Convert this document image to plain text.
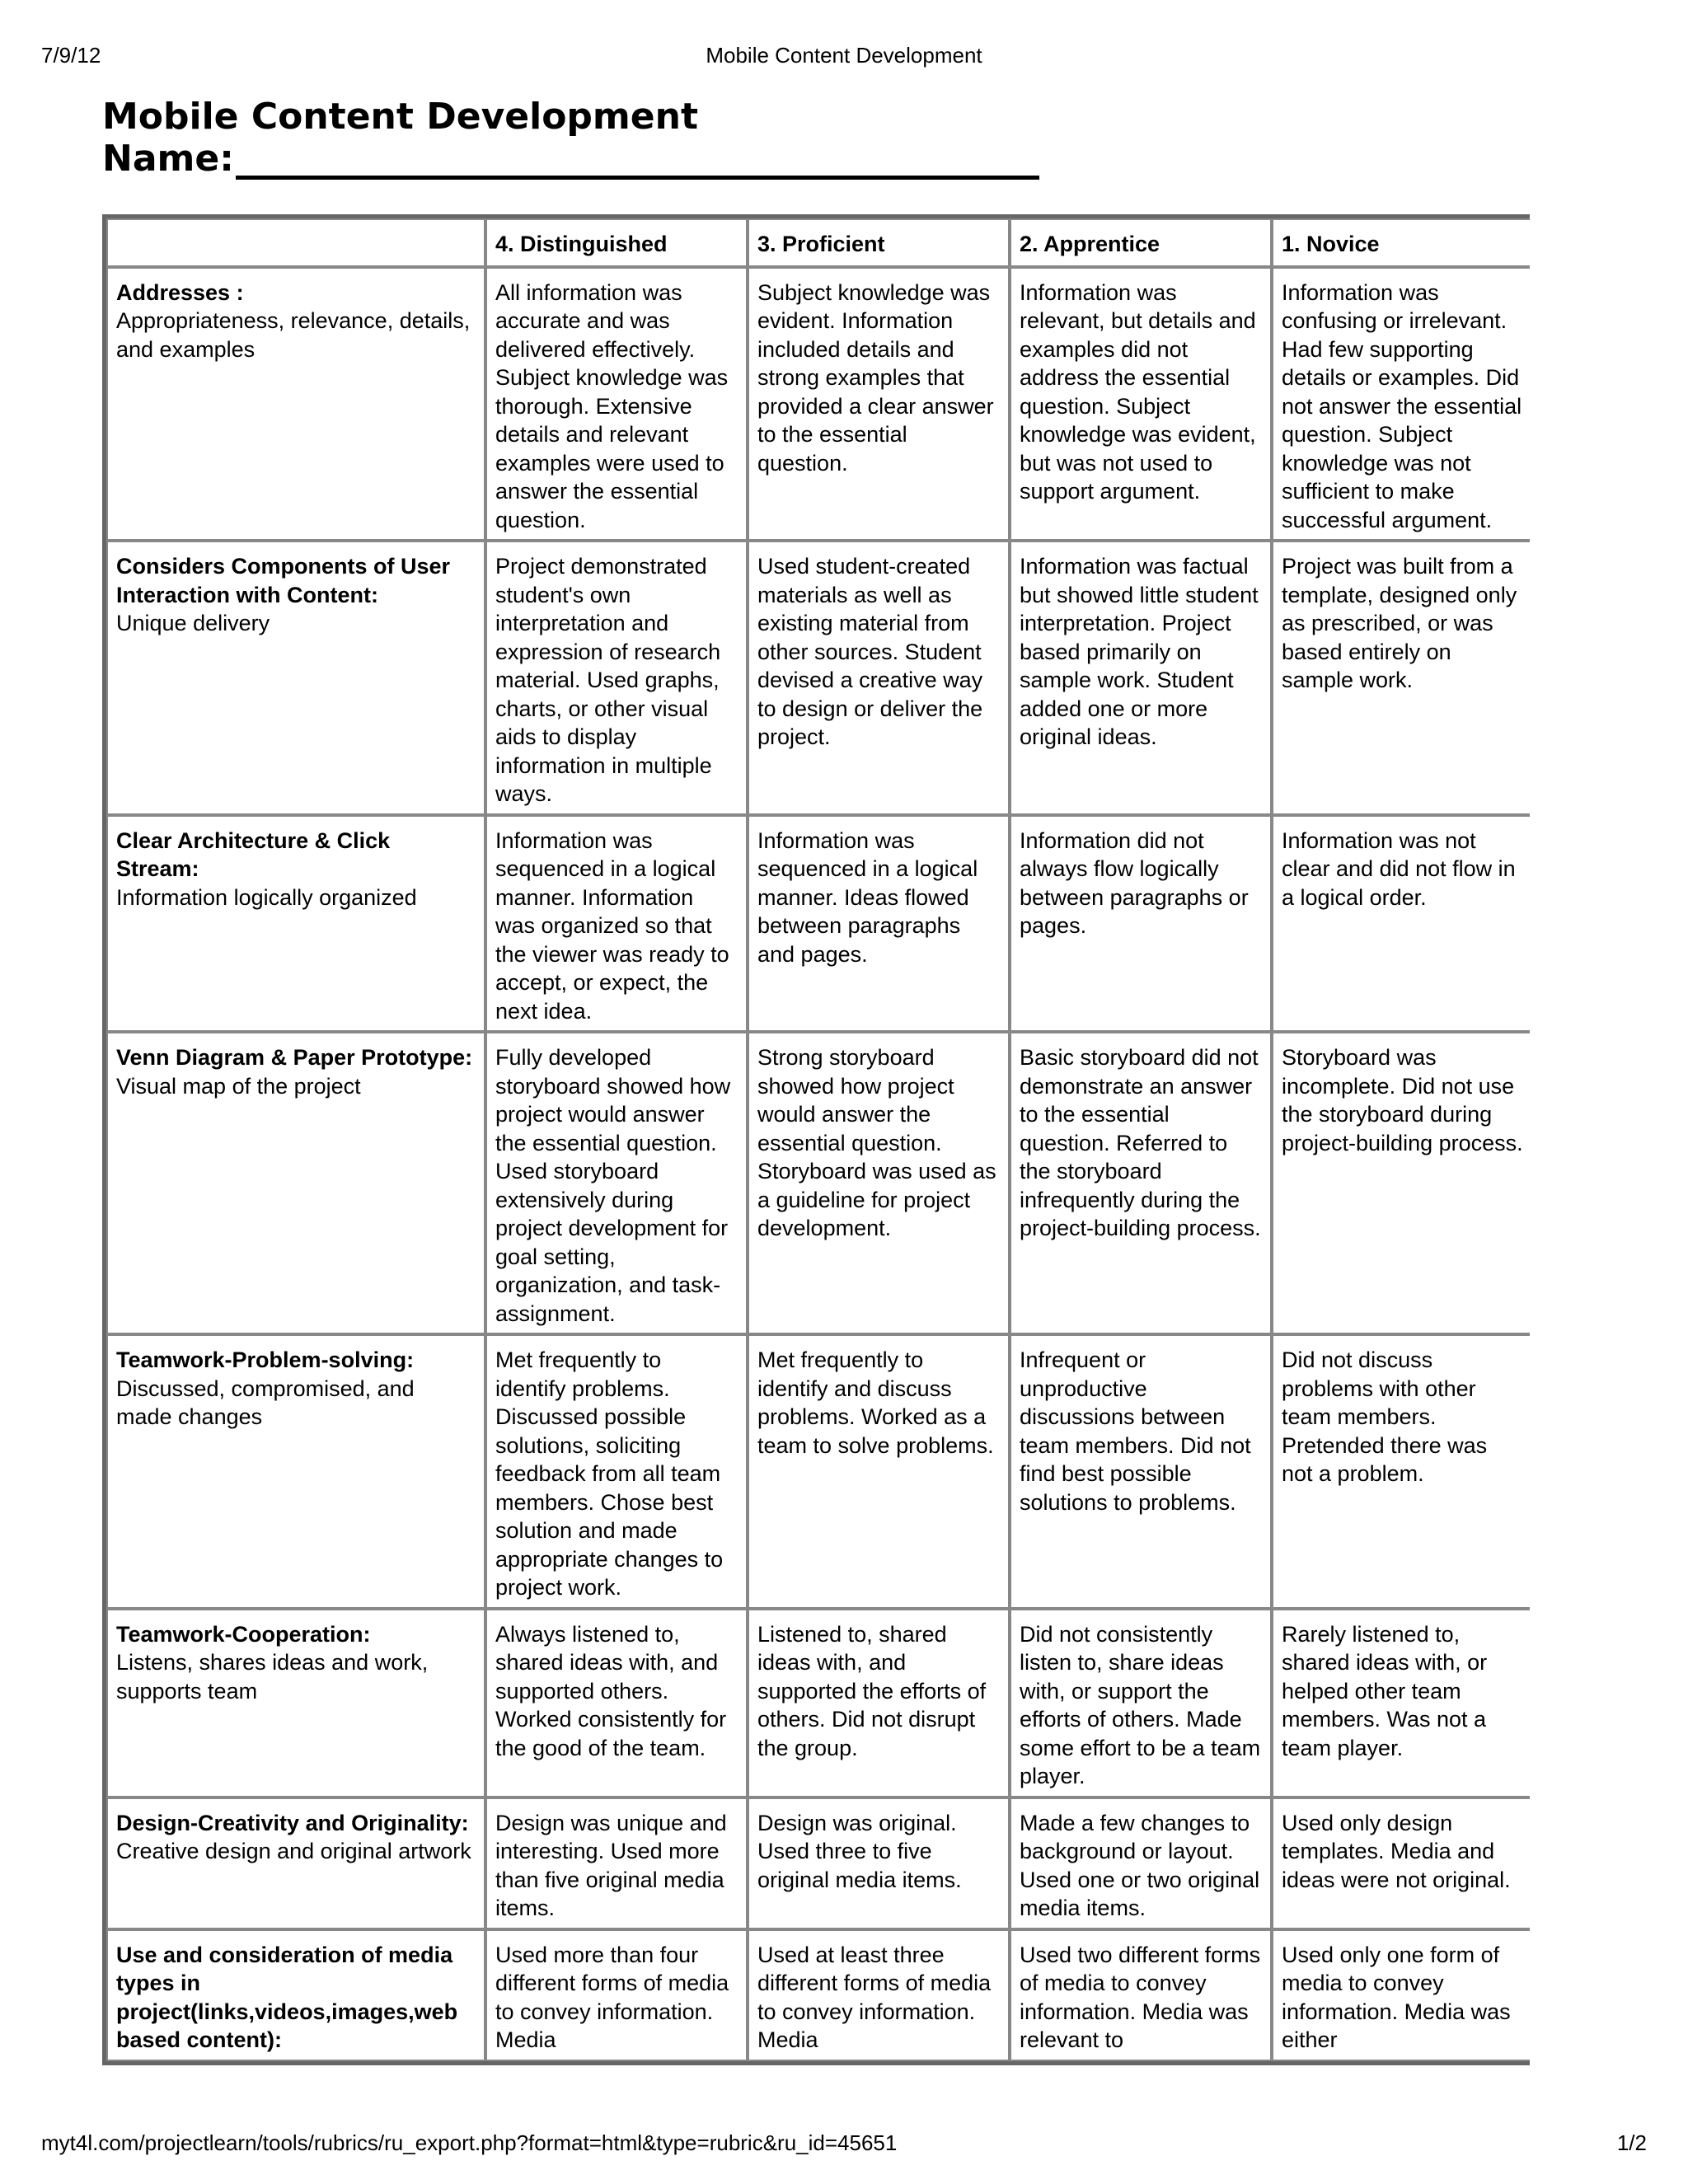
7/9/12	Mobile Content Development
Mobile Content Development
Name:
	4. Distinguished	3. Proficient	2. Apprentice	1. Novice

Addresses :
Appropriateness, relevance, details, and examples	All information was accurate and was delivered effectively. Subject knowledge was thorough. Extensive details and relevant examples were used to answer the essential question.	Subject knowledge was evident. Information included details and strong examples that provided a clear answer to the essential question.	Information was relevant, but details and examples did not address the essential question. Subject knowledge was evident, but was not used to support argument.	Information was confusing or irrelevant. Had few supporting details or examples. Did not answer the essential question. Subject knowledge was not sufficient to make successful argument.

Considers Components of User Interaction with Content:
Unique delivery	Project demonstrated student's own interpretation and expression of research material. Used graphs, charts, or other visual aids to display information in multiple ways.	Used student-created materials as well as existing material from other sources. Student devised a creative way to design or deliver the project.	Information was factual but showed little student interpretation. Project based primarily on sample work. Student added one or more original ideas.	Project was built from a template, designed only as prescribed, or was based entirely on sample work.

Clear Architecture & Click Stream:
Information logically organized	Information was sequenced in a logical manner. Information was organized so that the viewer was ready to accept, or expect, the next idea.	Information was sequenced in a logical manner. Ideas flowed between paragraphs and pages.	Information did not always flow logically between paragraphs or pages.	Information was not clear and did not flow in a logical order.

Venn Diagram & Paper Prototype:
Visual map of the project	Fully developed storyboard showed how project would answer the essential question. Used storyboard extensively during project development for goal setting, organization, and task-assignment.	Strong storyboard showed how project would answer the essential question. Storyboard was used as a guideline for project development.	Basic storyboard did not demonstrate an answer to the essential question. Referred to the storyboard infrequently during the project-building process.	Storyboard was incomplete. Did not use the storyboard during project-building process.

Teamwork-Problem-solving:
Discussed, compromised, and made changes	Met frequently to identify problems. Discussed possible solutions, soliciting feedback from all team members. Chose best solution and made appropriate changes to project work.	Met frequently to identify and discuss problems. Worked as a team to solve problems.	Infrequent or unproductive discussions between team members. Did not find best possible solutions to problems.	Did not discuss problems with other team members. Pretended there was not a problem.

Teamwork-Cooperation:
Listens, shares ideas and work, supports team	Always listened to, shared ideas with, and supported others. Worked consistently for the good of the team.	Listened to, shared ideas with, and supported the efforts of others. Did not disrupt the group.	Did not consistently listen to, share ideas with, or support the efforts of others. Made some effort to be a team player.	Rarely listened to, shared ideas with, or helped other team members. Was not a team player.

Design-Creativity and Originality:
Creative design and original artwork	Design was unique and interesting. Used more than five original media items.	Design was original. Used three to five original media items.	Made a few changes to background or layout. Used one or two original media items.	Used only design templates. Media and ideas were not original.

Use and consideration of media types in project(links,videos,images,web based content):	Used more than four different forms of media to convey information. Media	Used at least three different forms of media to convey information. Media	Used two different forms of media to convey information. Media was relevant to	Used only one form of media to convey information. Media was either
myt4l.com/projectlearn/tools/rubrics/ru_export.php?format=html&type=rubric&ru_id=45651	1/2
